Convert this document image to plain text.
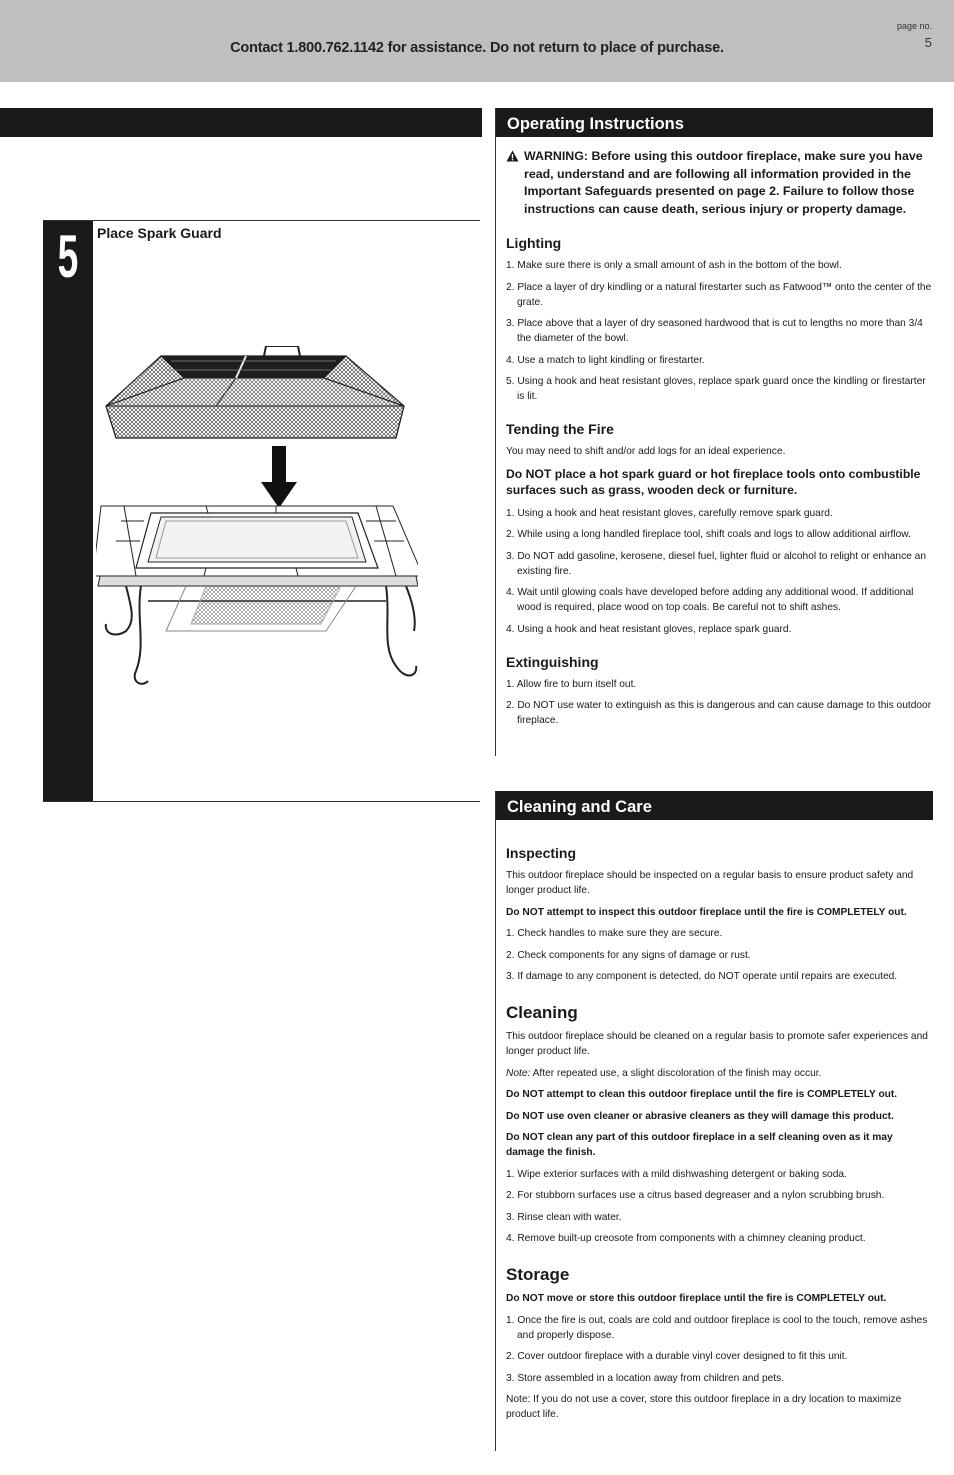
Contact 1.800.762.1142 for assistance. Do not return to place of purchase.
page no.
5
5	Place Spark Guard
Operating Instructions
WARNING: Before using this outdoor fireplace, make sure you have read, understand and are following all information provided in the Important Safeguards presented on page 2. Failure to follow those instructions can cause death, serious injury or property damage.
Lighting
1. Make sure there is only a small amount of ash in the bottom of the bowl.
2. Place a layer of dry kindling or a natural firestarter such as Fatwood™ onto the center of the grate.
3. Place above that a layer of dry seasoned hardwood that is cut to lengths no more than 3/4 the diameter of the bowl.
4. Use a match to light kindling or firestarter.
5. Using a hook and heat resistant gloves, replace spark guard once the kindling or firestarter is lit.
Tending the Fire

You may need to shift and/or add logs for an ideal experience.

Do NOT place a hot spark guard or hot fireplace tools onto combustible surfaces such as grass, wooden deck or furniture.

1. Using a hook and heat resistant gloves, carefully remove spark guard.
2. While using a long handled fireplace tool, shift coals and logs to allow additional airflow.
3. Do NOT add gasoline, kerosene, diesel fuel, lighter fluid or alcohol to relight or enhance an existing fire.
4. Wait until glowing coals have developed before adding any additional wood. If additional wood is required, place wood on top coals. Be careful not to shift ashes.
4. Using a hook and heat resistant gloves, replace spark guard.
Extinguishing
1. Allow fire to burn itself out.
2. Do NOT use water to extinguish as this is dangerous and can cause damage to this outdoor fireplace.
Cleaning and Care
Inspecting

This outdoor fireplace should be inspected on a regular basis to ensure product safety and longer product life.

Do NOT attempt to inspect this outdoor fireplace until the fire is COMPLETELY out.

1. Check handles to make sure they are secure.
2. Check components for any signs of damage or rust.
3. If damage to any component is detected, do NOT operate until repairs are executed.
Cleaning

This outdoor fireplace should be cleaned on a regular basis to promote safer experiences and longer product life.

Note: After repeated use, a slight discoloration of the finish may occur.

Do NOT attempt to clean this outdoor fireplace until the fire is COMPLETELY out.

Do NOT use oven cleaner or abrasive cleaners as they will damage this product.

Do NOT clean any part of this outdoor fireplace in a self cleaning oven as it may damage the finish.

1. Wipe exterior surfaces with a mild dishwashing detergent or baking soda.
2. For stubborn surfaces use a citrus based degreaser and a nylon scrubbing brush.
3. Rinse clean with water.
4. Remove built-up creosote from components with a chimney cleaning product.
Storage

Do NOT move or store this outdoor fireplace until the fire is COMPLETELY out.

1. Once the fire is out, coals are cold and outdoor fireplace is cool to the touch, remove ashes and properly dispose.
2. Cover outdoor fireplace with a durable vinyl cover designed to fit this unit.
3. Store assembled in a location away from children and pets.

Note: If you do not use a cover, store this outdoor fireplace in a dry location to maximize product life.
